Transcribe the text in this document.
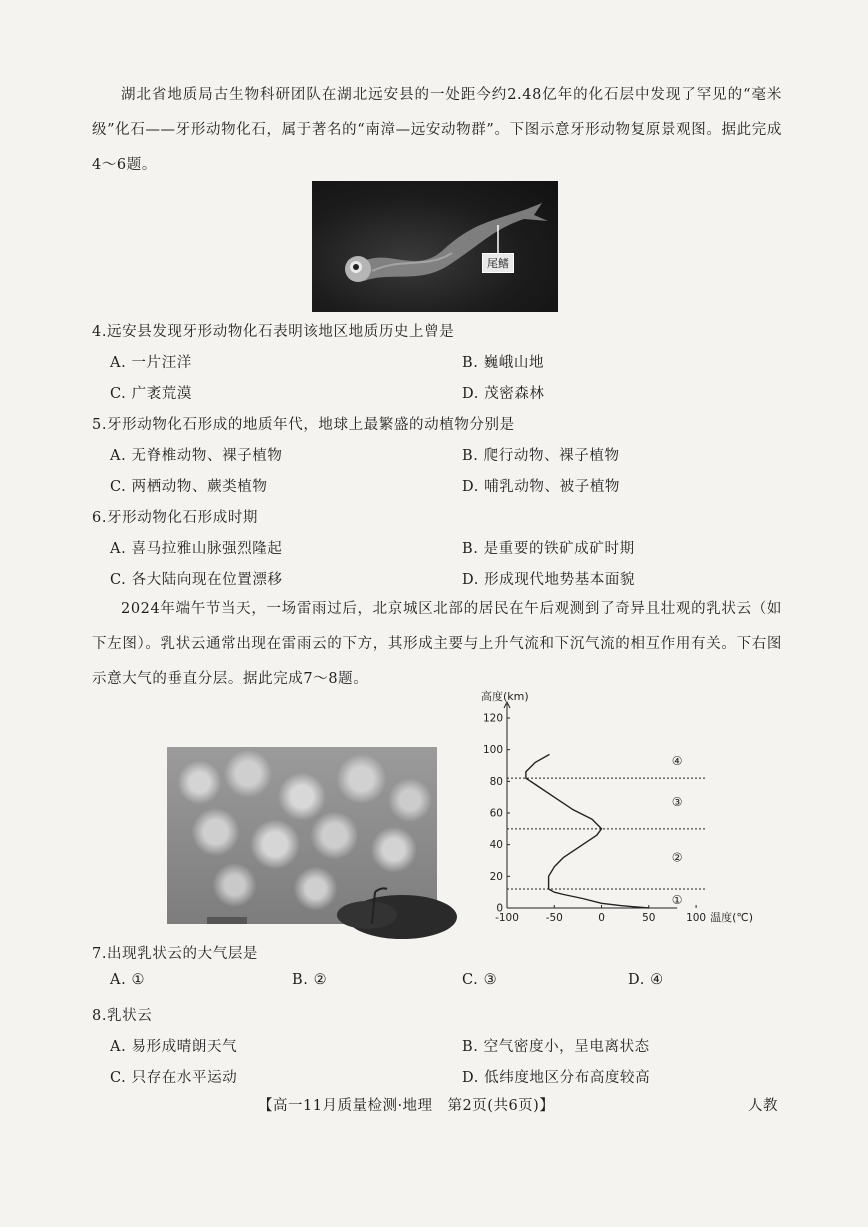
湖北省地质局古生物科研团队在湖北远安县的一处距今约2.48亿年的化石层中发现了罕见的“毫米级”化石——牙形动物化石，属于著名的“南漳—远安动物群”。下图示意牙形动物复原景观图。据此完成4～6题。

尾鳍
4.远安县发现牙形动物化石表明该地区地质历史上曾是
A. 一片汪洋	B. 巍峨山地
C. 广袤荒漠	D. 茂密森林
5.牙形动物化石形成的地质年代，地球上最繁盛的动植物分别是
A. 无脊椎动物、裸子植物	B. 爬行动物、裸子植物
C. 两栖动物、蕨类植物	D. 哺乳动物、被子植物
6.牙形动物化石形成时期
A. 喜马拉雅山脉强烈隆起	B. 是重要的铁矿成矿时期
C. 各大陆向现在位置漂移	D. 形成现代地势基本面貌

2024年端午节当天，一场雷雨过后，北京城区北部的居民在午后观测到了奇异且壮观的乳状云（如下左图）。乳状云通常出现在雷雨云的下方，其形成主要与上升气流和下沉气流的相互作用有关。下右图示意大气的垂直分层。据此完成7～8题。

0
20
40
60
80
100
120
-100	-50	0	50	100
高度(km)
温度(℃)
①
②
③
④
7.出现乳状云的大气层是
A. ①	B. ②	C. ③	D. ④
8.乳状云
A. 易形成晴朗天气	B. 空气密度小，呈电离状态
C. 只存在水平运动	D. 低纬度地区分布高度较高
【高一11月质量检测·地理　第2页(共6页)】	人教
